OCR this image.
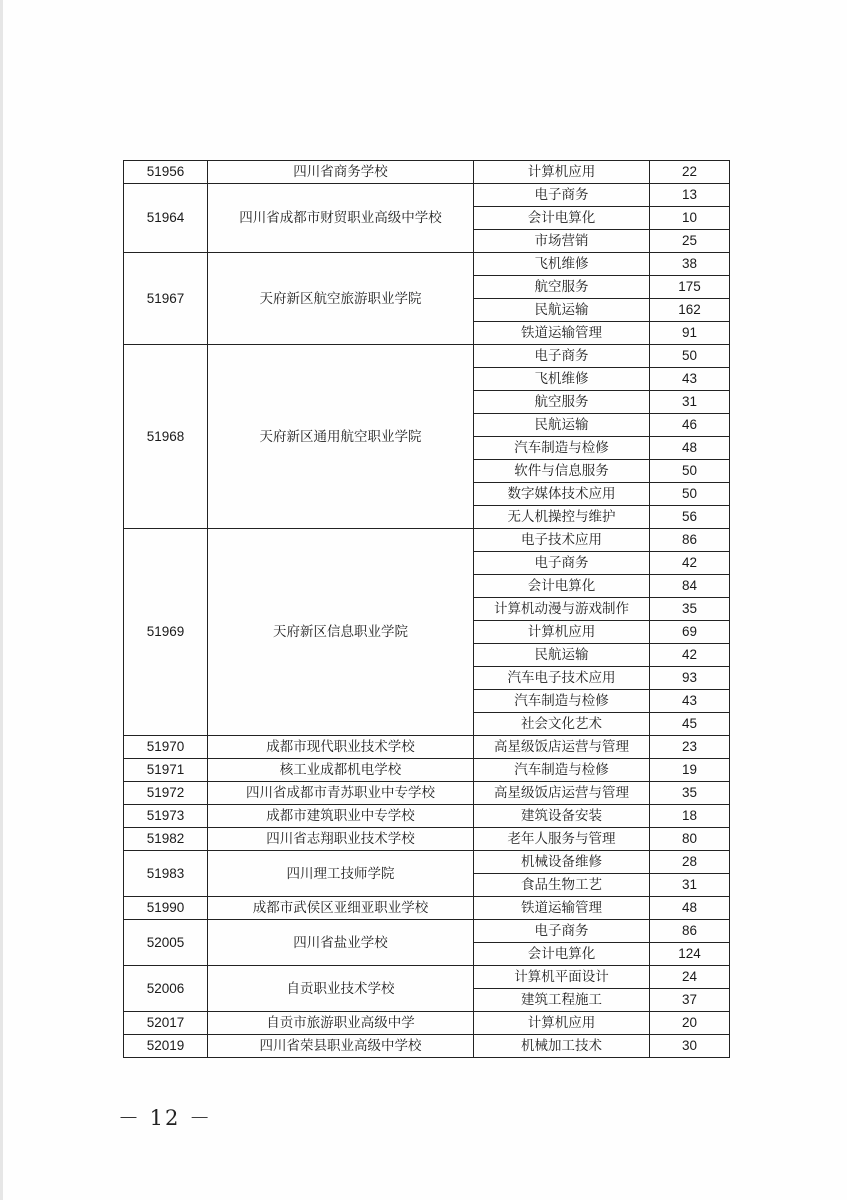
51956	四川省商务学校	计算机应用	22
51964	四川省成都市财贸职业高级中学校	电子商务	13
		会计电算化	10
		市场营销	25
51967	天府新区航空旅游职业学院	飞机维修	38
		航空服务	175
		民航运输	162
		铁道运输管理	91
51968	天府新区通用航空职业学院	电子商务	50
		飞机维修	43
		航空服务	31
		民航运输	46
		汽车制造与检修	48
		软件与信息服务	50
		数字媒体技术应用	50
		无人机操控与维护	56
51969	天府新区信息职业学院	电子技术应用	86
		电子商务	42
		会计电算化	84
		计算机动漫与游戏制作	35
		计算机应用	69
		民航运输	42
		汽车电子技术应用	93
		汽车制造与检修	43
		社会文化艺术	45
51970	成都市现代职业技术学校	高星级饭店运营与管理	23
51971	核工业成都机电学校	汽车制造与检修	19
51972	四川省成都市青苏职业中专学校	高星级饭店运营与管理	35
51973	成都市建筑职业中专学校	建筑设备安装	18
51982	四川省志翔职业技术学校	老年人服务与管理	80
51983	四川理工技师学院	机械设备维修	28
		食品生物工艺	31
51990	成都市武侯区亚细亚职业学校	铁道运输管理	48
52005	四川省盐业学校	电子商务	86
		会计电算化	124
52006	自贡职业技术学校	计算机平面设计	24
		建筑工程施工	37
52017	自贡市旅游职业高级中学	计算机应用	20
52019	四川省荣县职业高级中学校	机械加工技术	30
－ 12 －
